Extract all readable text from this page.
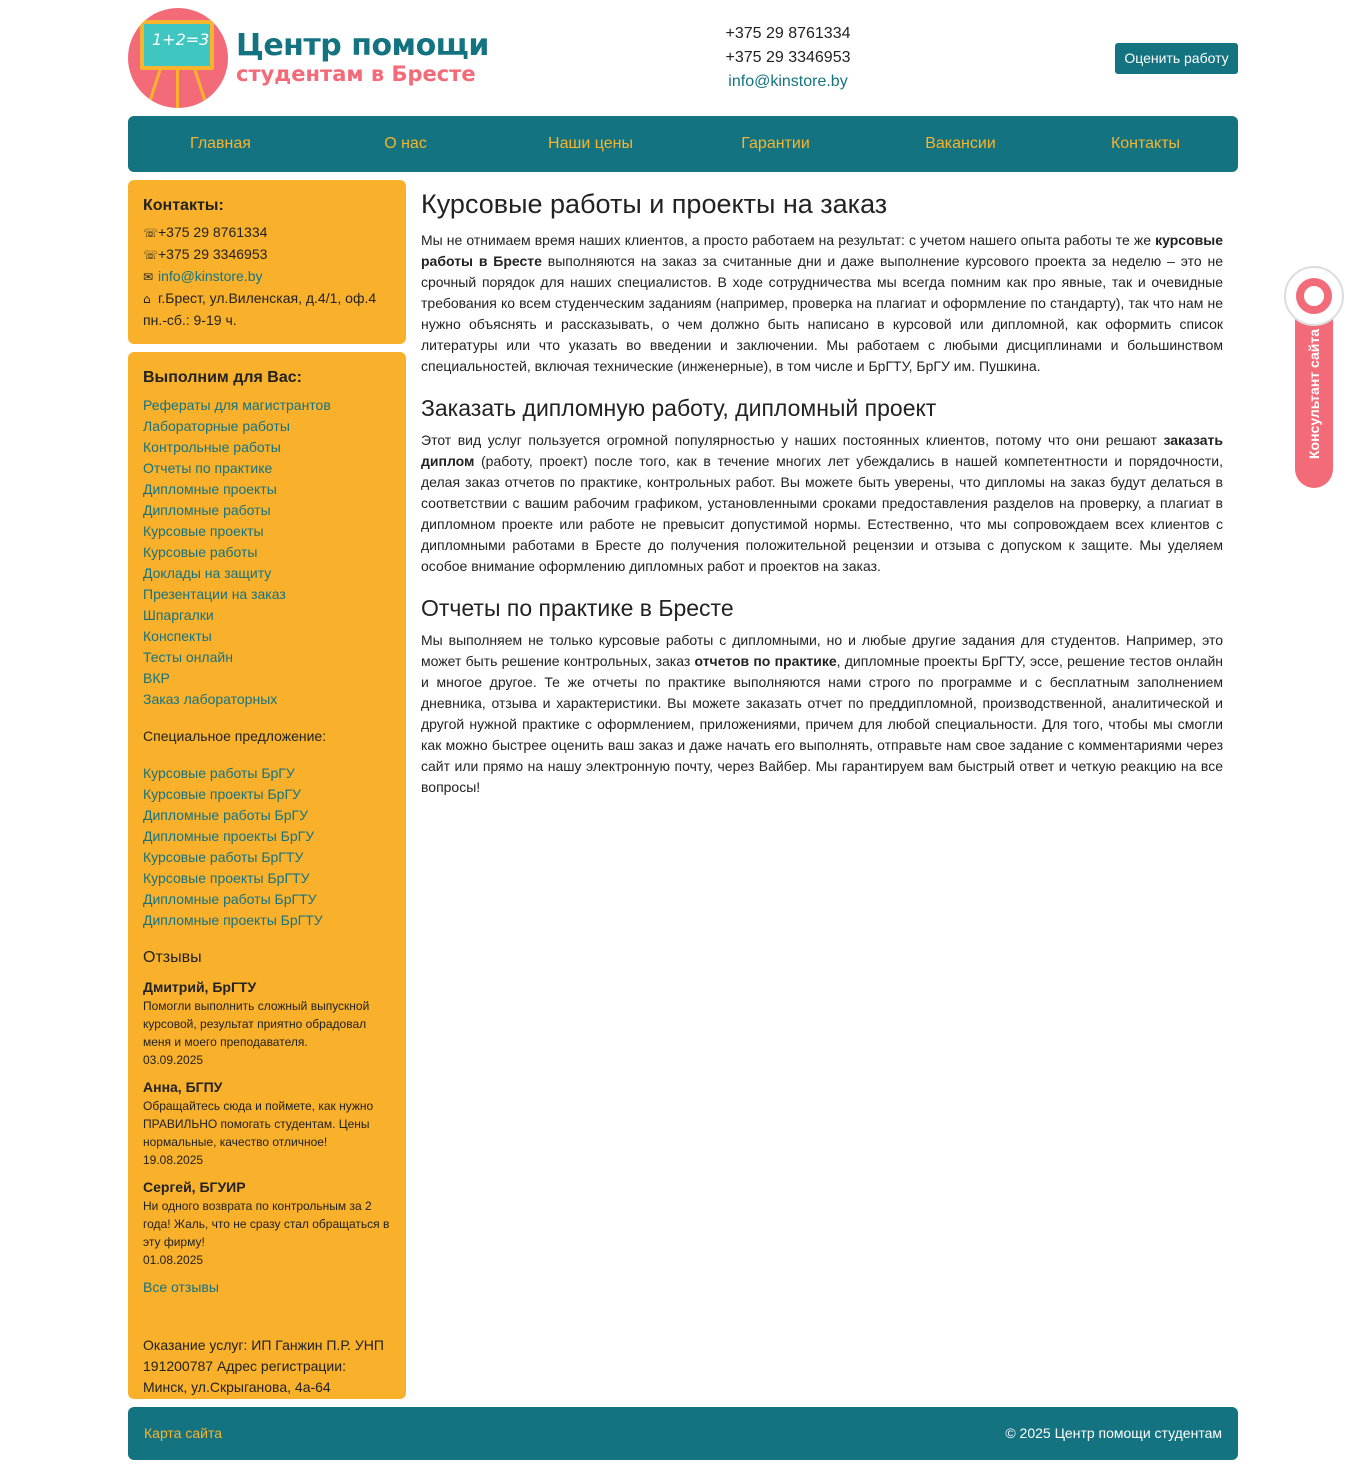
1+2=3 Центр помощи
студентам в Бресте
+375 29 8761334
+375 29 3346953
info@kinstore.by
Оценить работу
Главная	О нас	Наши цены	Гарантии	Вакансии	Контакты
Контакты:
☏+375 29 8761334
☏+375 29 3346953
✉ info@kinstore.by
⌂ г.Брест, ул.Виленская, д.4/1, оф.4
пн.-сб.: 9-19 ч.
Выполним для Вас:
Рефераты для магистрантов
Лабораторные работы
Контрольные работы
Отчеты по практике
Дипломные проекты
Дипломные работы
Курсовые проекты
Курсовые работы
Доклады на защиту
Презентации на заказ
Шпаргалки
Конспекты
Тесты онлайн
ВКР
Заказ лабораторных
Специальное предложение:
Курсовые работы БрГУ
Курсовые проекты БрГУ
Дипломные работы БрГУ
Дипломные проекты БрГУ
Курсовые работы БрГТУ
Курсовые проекты БрГТУ
Дипломные работы БрГТУ
Дипломные проекты БрГТУ
Отзывы
Дмитрий, БрГТУ
Помогли выполнить сложный выпускной курсовой, результат приятно обрадовал меня и моего преподавателя.
03.09.2025
Анна, БГПУ
Обращайтесь сюда и поймете, как нужно ПРАВИЛЬНО помогать студентам. Цены нормальные, качество отличное!
19.08.2025
Сергей, БГУИР
Ни одного возврата по контрольным за 2 года! Жаль, что не сразу стал обращаться в эту фирму!
01.08.2025
Все отзывы
Оказание услуг: ИП Ганжин П.Р. УНП 191200787 Адрес регистрации: Минск, ул.Скрыганова, 4а-64
Курсовые работы и проекты на заказ

Мы не отнимаем время наших клиентов, а просто работаем на результат: с учетом нашего опыта работы те же курсовые работы в Бресте выполняются на заказ за считанные дни и даже выполнение курсового проекта за неделю – это не срочный порядок для наших специалистов. В ходе сотрудничества мы всегда помним как про явные, так и очевидные требования ко всем студенческим заданиям (например, проверка на плагиат и оформление по стандарту), так что нам не нужно объяснять и рассказывать, о чем должно быть написано в курсовой или дипломной, как оформить список литературы или что указать во введении и заключении. Мы работаем с любыми дисциплинами и большинством специальностей, включая технические (инженерные), в том числе и БрГТУ, БрГУ им. Пушкина.

Заказать дипломную работу, дипломный проект

Этот вид услуг пользуется огромной популярностью у наших постоянных клиентов, потому что они решают заказать диплом (работу, проект) после того, как в течение многих лет убеждались в нашей компетентности и порядочности, делая заказ отчетов по практике, контрольных работ. Вы можете быть уверены, что дипломы на заказ будут делаться в соответствии с вашим рабочим графиком, установленными сроками предоставления разделов на проверку, а плагиат в дипломном проекте или работе не превысит допустимой нормы. Естественно, что мы сопровождаем всех клиентов с дипломными работами в Бресте до получения положительной рецензии и отзыва с допуском к защите. Мы уделяем особое внимание оформлению дипломных работ и проектов на заказ.

Отчеты по практике в Бресте

Мы выполняем не только курсовые работы с дипломными, но и любые другие задания для студентов. Например, это может быть решение контрольных, заказ отчетов по практике, дипломные проекты БрГТУ, эссе, решение тестов онлайн и многое другое. Те же отчеты по практике выполняются нами строго по программе и с бесплатным заполнением дневника, отзыва и характеристики. Вы можете заказать отчет по преддипломной, производственной, аналитической и другой нужной практике с оформлением, приложениями, причем для любой специальности. Для того, чтобы мы смогли как можно быстрее оценить ваш заказ и даже начать его выполнять, отправьте нам свое задание с комментариями через сайт или прямо на нашу электронную почту, через Вайбер. Мы гарантируем вам быстрый ответ и четкую реакцию на все вопросы!

Консультант сайта
Карта сайта	© 2025 Центр помощи студентам
